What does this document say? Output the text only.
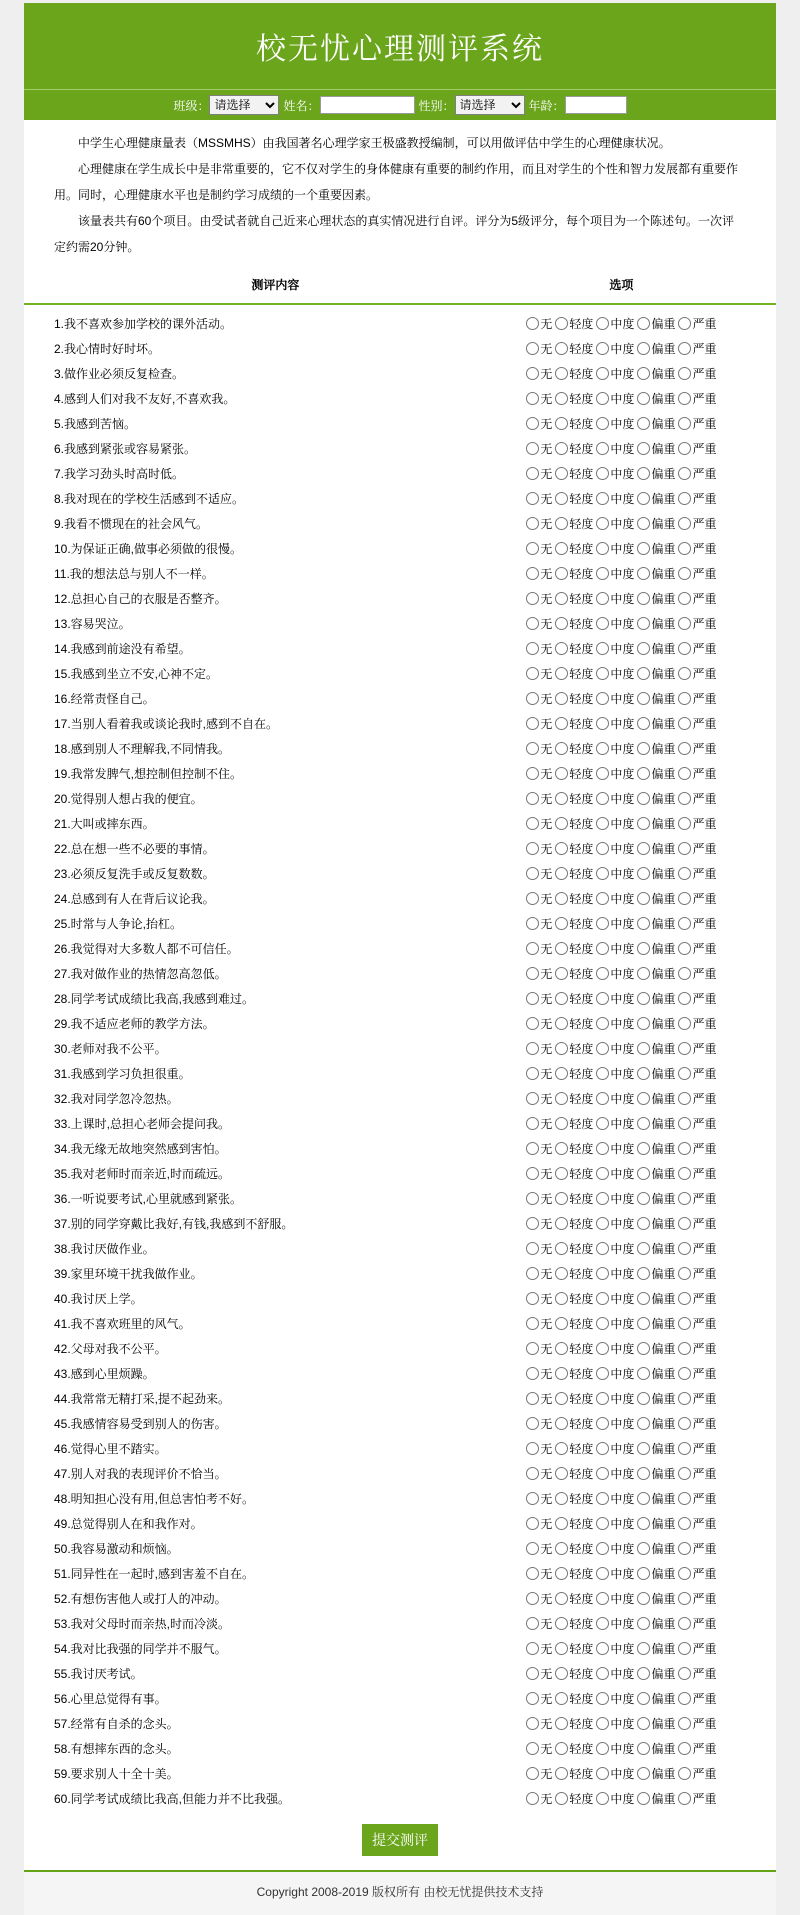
校无忧心理测评系统
班级：
请选择	姓名：	性别：
请选择	年龄：

中学生心理健康量表（MSSMHS）由我国著名心理学家王极盛教授编制，可以用做评估中学生的心理健康状况。

心理健康在学生成长中是非常重要的，它不仅对学生的身体健康有重要的制约作用，而且对学生的个性和智力发展都有重要作用。同时，心理健康水平也是制约学习成绩的一个重要因素。

该量表共有60个项目。由受试者就自己近来心理状态的真实情况进行自评。评分为5级评分，每个项目为一个陈述句。一次评定约需20分钟。

测评内容	选项
1.我不喜欢参加学校的课外活动。	无 轻度 中度 偏重 严重
2.我心情时好时坏。	无 轻度 中度 偏重 严重
3.做作业必须反复检查。	无 轻度 中度 偏重 严重
4.感到人们对我不友好,不喜欢我。	无 轻度 中度 偏重 严重
5.我感到苦恼。	无 轻度 中度 偏重 严重
6.我感到紧张或容易紧张。	无 轻度 中度 偏重 严重
7.我学习劲头时高时低。	无 轻度 中度 偏重 严重
8.我对现在的学校生活感到不适应。	无 轻度 中度 偏重 严重
9.我看不惯现在的社会风气。	无 轻度 中度 偏重 严重
10.为保证正确,做事必须做的很慢。	无 轻度 中度 偏重 严重
11.我的想法总与别人不一样。	无 轻度 中度 偏重 严重
12.总担心自己的衣服是否整齐。	无 轻度 中度 偏重 严重
13.容易哭泣。	无 轻度 中度 偏重 严重
14.我感到前途没有希望。	无 轻度 中度 偏重 严重
15.我感到坐立不安,心神不定。	无 轻度 中度 偏重 严重
16.经常责怪自己。	无 轻度 中度 偏重 严重
17.当别人看着我或谈论我时,感到不自在。	无 轻度 中度 偏重 严重
18.感到别人不理解我,不同情我。	无 轻度 中度 偏重 严重
19.我常发脾气,想控制但控制不住。	无 轻度 中度 偏重 严重
20.觉得别人想占我的便宜。	无 轻度 中度 偏重 严重
21.大叫或摔东西。	无 轻度 中度 偏重 严重
22.总在想一些不必要的事情。	无 轻度 中度 偏重 严重
23.必须反复洗手或反复数数。	无 轻度 中度 偏重 严重
24.总感到有人在背后议论我。	无 轻度 中度 偏重 严重
25.时常与人争论,抬杠。	无 轻度 中度 偏重 严重
26.我觉得对大多数人都不可信任。	无 轻度 中度 偏重 严重
27.我对做作业的热情忽高忽低。	无 轻度 中度 偏重 严重
28.同学考试成绩比我高,我感到难过。	无 轻度 中度 偏重 严重
29.我不适应老师的教学方法。	无 轻度 中度 偏重 严重
30.老师对我不公平。	无 轻度 中度 偏重 严重
31.我感到学习负担很重。	无 轻度 中度 偏重 严重
32.我对同学忽冷忽热。	无 轻度 中度 偏重 严重
33.上课时,总担心老师会提问我。	无 轻度 中度 偏重 严重
34.我无缘无故地突然感到害怕。	无 轻度 中度 偏重 严重
35.我对老师时而亲近,时而疏远。	无 轻度 中度 偏重 严重
36.一听说要考试,心里就感到紧张。	无 轻度 中度 偏重 严重
37.别的同学穿戴比我好,有钱,我感到不舒服。	无 轻度 中度 偏重 严重
38.我讨厌做作业。	无 轻度 中度 偏重 严重
39.家里环境干扰我做作业。	无 轻度 中度 偏重 严重
40.我讨厌上学。	无 轻度 中度 偏重 严重
41.我不喜欢班里的风气。	无 轻度 中度 偏重 严重
42.父母对我不公平。	无 轻度 中度 偏重 严重
43.感到心里烦躁。	无 轻度 中度 偏重 严重
44.我常常无精打采,提不起劲来。	无 轻度 中度 偏重 严重
45.我感情容易受到别人的伤害。	无 轻度 中度 偏重 严重
46.觉得心里不踏实。	无 轻度 中度 偏重 严重
47.别人对我的表现评价不恰当。	无 轻度 中度 偏重 严重
48.明知担心没有用,但总害怕考不好。	无 轻度 中度 偏重 严重
49.总觉得别人在和我作对。	无 轻度 中度 偏重 严重
50.我容易激动和烦恼。	无 轻度 中度 偏重 严重
51.同异性在一起时,感到害羞不自在。	无 轻度 中度 偏重 严重
52.有想伤害他人或打人的冲动。	无 轻度 中度 偏重 严重
53.我对父母时而亲热,时而冷淡。	无 轻度 中度 偏重 严重
54.我对比我强的同学并不服气。	无 轻度 中度 偏重 严重
55.我讨厌考试。	无 轻度 中度 偏重 严重
56.心里总觉得有事。	无 轻度 中度 偏重 严重
57.经常有自杀的念头。	无 轻度 中度 偏重 严重
58.有想摔东西的念头。	无 轻度 中度 偏重 严重
59.要求别人十全十美。	无 轻度 中度 偏重 严重
60.同学考试成绩比我高,但能力并不比我强。	无 轻度 中度 偏重 严重
提交测评
Copyright 2008-2019 版权所有 由校无忧提供技术支持
